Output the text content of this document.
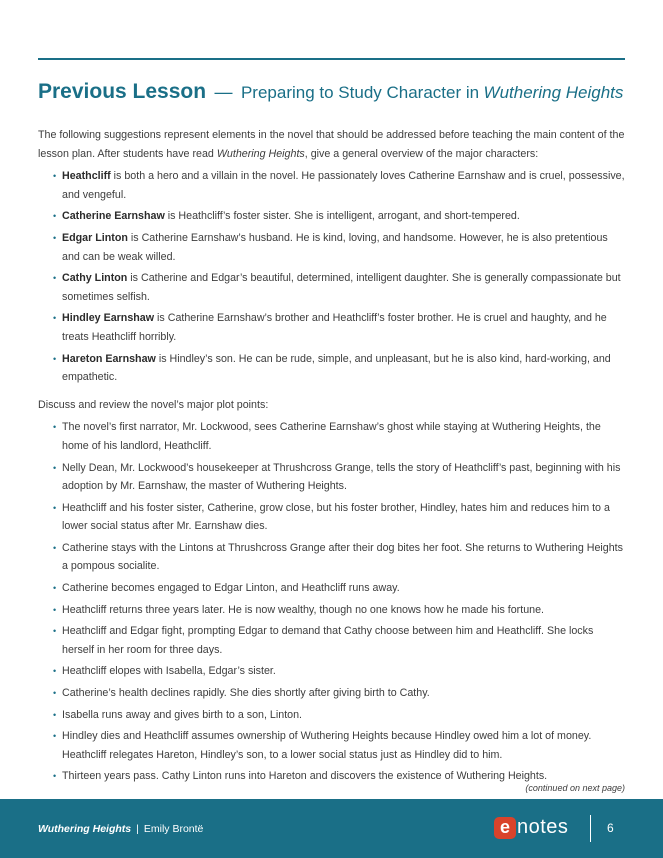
Previous Lesson — Preparing to Study Character in Wuthering Heights

The following suggestions represent elements in the novel that should be addressed before teaching the main content of the lesson plan. After students have read Wuthering Heights, give a general overview of the major characters:

• Heathcliff is both a hero and a villain in the novel. He passionately loves Catherine Earnshaw and is cruel, possessive, and vengeful.
• Catherine Earnshaw is Heathcliff’s foster sister. She is intelligent, arrogant, and short-tempered.
• Edgar Linton is Catherine Earnshaw’s husband. He is kind, loving, and handsome. However, he is also pretentious and can be weak willed.
• Cathy Linton is Catherine and Edgar’s beautiful, determined, intelligent daughter. She is generally compassionate but sometimes selfish.
• Hindley Earnshaw is Catherine Earnshaw’s brother and Heathcliff’s foster brother. He is cruel and haughty, and he treats Heathcliff horribly.
• Hareton Earnshaw is Hindley’s son. He can be rude, simple, and unpleasant, but he is also kind, hard-working, and empathetic.

Discuss and review the novel’s major plot points:

• The novel’s first narrator, Mr. Lockwood, sees Catherine Earnshaw’s ghost while staying at Wuthering Heights, the home of his landlord, Heathcliff.
• Nelly Dean, Mr. Lockwood’s housekeeper at Thrushcross Grange, tells the story of Heathcliff’s past, beginning with his adoption by Mr. Earnshaw, the master of Wuthering Heights.
• Heathcliff and his foster sister, Catherine, grow close, but his foster brother, Hindley, hates him and reduces him to a lower social status after Mr. Earnshaw dies.
• Catherine stays with the Lintons at Thrushcross Grange after their dog bites her foot. She returns to Wuthering Heights a pompous socialite.
• Catherine becomes engaged to Edgar Linton, and Heathcliff runs away.
• Heathcliff returns three years later. He is now wealthy, though no one knows how he made his fortune.
• Heathcliff and Edgar fight, prompting Edgar to demand that Cathy choose between him and Heathcliff. She locks herself in her room for three days.
• Heathcliff elopes with Isabella, Edgar’s sister.
• Catherine’s health declines rapidly. She dies shortly after giving birth to Cathy.
• Isabella runs away and gives birth to a son, Linton.
• Hindley dies and Heathcliff assumes ownership of Wuthering Heights because Hindley owed him a lot of money. Heathcliff relegates Hareton, Hindley’s son, to a lower social status just as Hindley did to him.
• Thirteen years pass. Cathy Linton runs into Hareton and discovers the existence of Wuthering Heights.
(continued on next page)
Wuthering Heights | Emily Brontë	e notes	6
